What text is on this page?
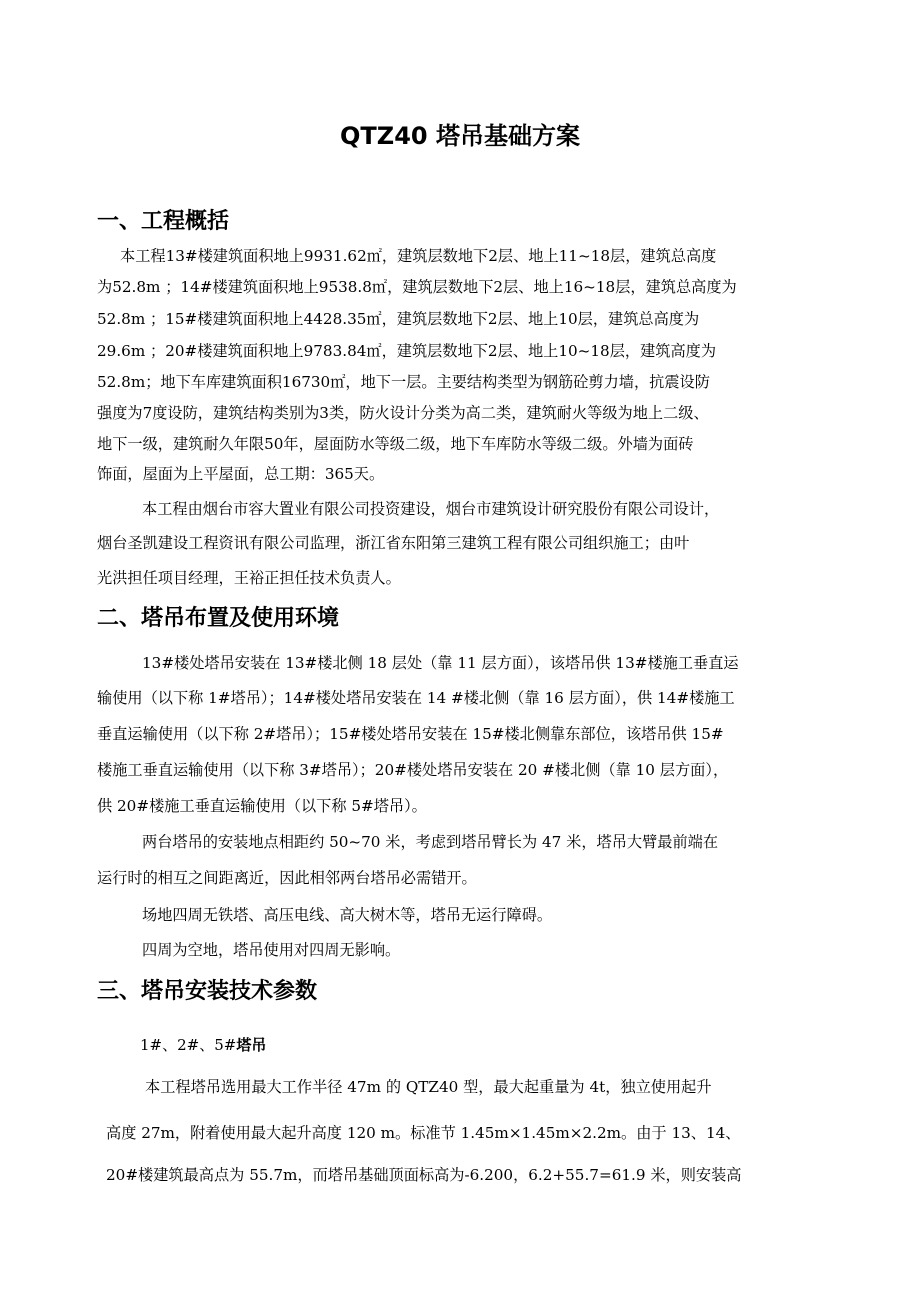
QTZ40 塔吊基础方案
一、工程概括
本工程13#楼建筑面积地上9931.62㎡，建筑层数地下2层、地上11~18层，建筑总高度
为52.8m ；14#楼建筑面积地上9538.8㎡，建筑层数地下2层、地上16~18层，建筑总高度为
52.8m ；15#楼建筑面积地上4428.35㎡，建筑层数地下2层、地上10层，建筑总高度为
29.6m ；20#楼建筑面积地上9783.84㎡，建筑层数地下2层、地上10~18层，建筑高度为
52.8m；地下车库建筑面积16730㎡，地下一层。主要结构类型为钢筋砼剪力墙，抗震设防
强度为7度设防，建筑结构类别为3类，防火设计分类为高二类，建筑耐火等级为地上二级、
地下一级，建筑耐久年限50年，屋面防水等级二级，地下车库防水等级二级。外墙为面砖
饰面，屋面为上平屋面，总工期：365天。
本工程由烟台市容大置业有限公司投资建设，烟台市建筑设计研究股份有限公司设计，
烟台圣凯建设工程资讯有限公司监理，浙江省东阳第三建筑工程有限公司组织施工；由叶
光洪担任项目经理，王裕正担任技术负责人。
二、塔吊布置及使用环境
13#楼处塔吊安装在 13#楼北侧 18 层处（靠 11 层方面），该塔吊供 13#楼施工垂直运
输使用（以下称 1#塔吊）；14#楼处塔吊安装在 14 #楼北侧（靠 16 层方面），供 14#楼施工
垂直运输使用（以下称 2#塔吊）；15#楼处塔吊安装在 15#楼北侧靠东部位，该塔吊供 15#
楼施工垂直运输使用（以下称 3#塔吊）；20#楼处塔吊安装在 20 #楼北侧（靠 10 层方面），
供 20#楼施工垂直运输使用（以下称 5#塔吊）。
两台塔吊的安装地点相距约 50~70 米，考虑到塔吊臂长为 47 米，塔吊大臂最前端在
运行时的相互之间距离近，因此相邻两台塔吊必需错开。
场地四周无铁塔、高压电线、高大树木等，塔吊无运行障碍。
四周为空地，塔吊使用对四周无影响。
三、塔吊安装技术参数
1#、2#、5#塔吊
本工程塔吊选用最大工作半径 47m 的 QTZ40 型，最大起重量为 4t，独立使用起升
高度 27m，附着使用最大起升高度 120 m。标准节 1.45m×1.45m×2.2m。由于 13、14、
20#楼建筑最高点为 55.7m，而塔吊基础顶面标高为-6.200，6.2+55.7=61.9 米，则安装高
